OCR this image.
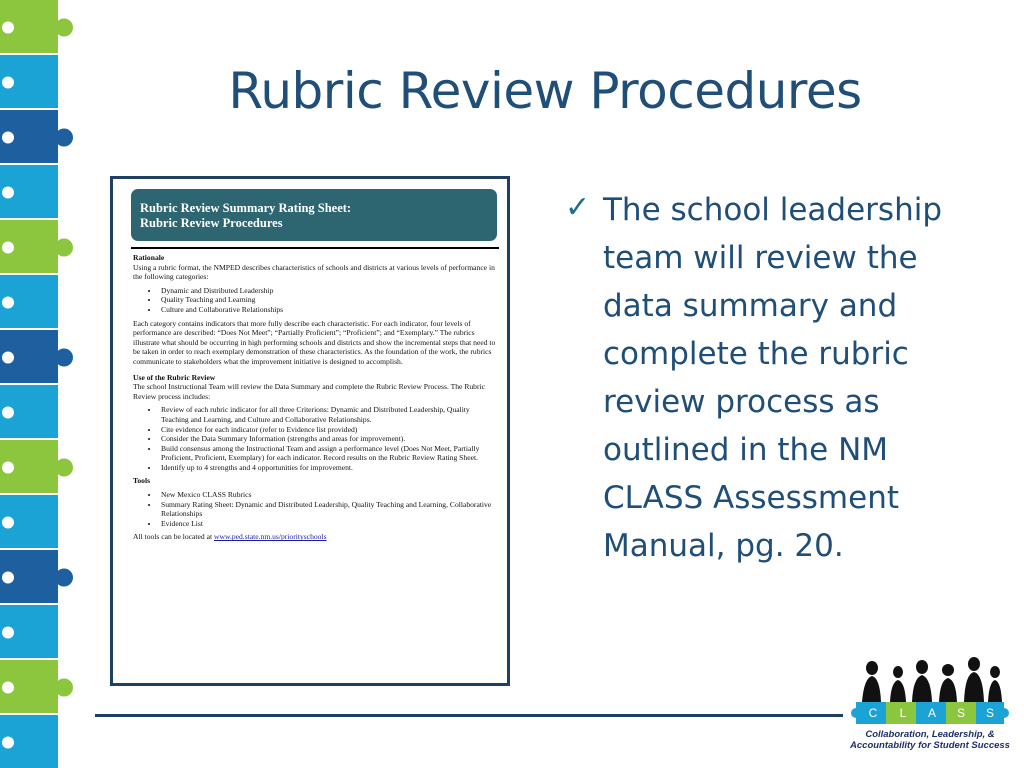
Rubric Review Procedures
Rubric Review Summary Rating Sheet:
Rubric Review Procedures

Rationale

Using a rubric format, the NMPED describes characteristics of schools and districts at various levels of performance in the following categories:

• Dynamic and Distributed Leadership
• Quality Teaching and Learning
• Culture and Collaborative Relationships

Each category contains indicators that more fully describe each characteristic. For each indicator, four levels of performance are described: “Does Not Meet”; “Partially Proficient”; “Proficient”; and “Exemplary.” The rubrics illustrate what should be occurring in high performing schools and districts and show the incremental steps that need to be taken in order to reach exemplary demonstration of these characteristics. As the foundation of the work, the rubrics communicate to stakeholders what the improvement initiative is designed to accomplish.

Use of the Rubric Review

The school Instructional Team will review the Data Summary and complete the Rubric Review Process. The Rubric Review process includes:

• Review of each rubric indicator for all three Criterions: Dynamic and Distributed Leadership, Quality Teaching and Learning, and Culture and Collaborative Relationships.
• Cite evidence for each indicator (refer to Evidence list provided)
• Consider the Data Summary Information (strengths and areas for improvement).
• Build consensus among the Instructional Team and assign a performance level (Does Not Meet, Partially Proficient, Proficient, Exemplary) for each indicator. Record results on the Rubric Review Rating Sheet.
• Identify up to 4 strengths and 4 opportunities for improvement.

Tools

• New Mexico CLASS Rubrics
• Summary Rating Sheet: Dynamic and Distributed Leadership, Quality Teaching and Learning, Collaborative Relationships
• Evidence List

All tools can be located at www.ped.state.nm.us/priorityschools

✓ The school leadership team will review the data summary and complete the rubric review process as outlined in the NM CLASS Assessment Manual, pg. 20.
C	L	A	S	S
Collaboration, Leadership, &
Accountability for Student Success
